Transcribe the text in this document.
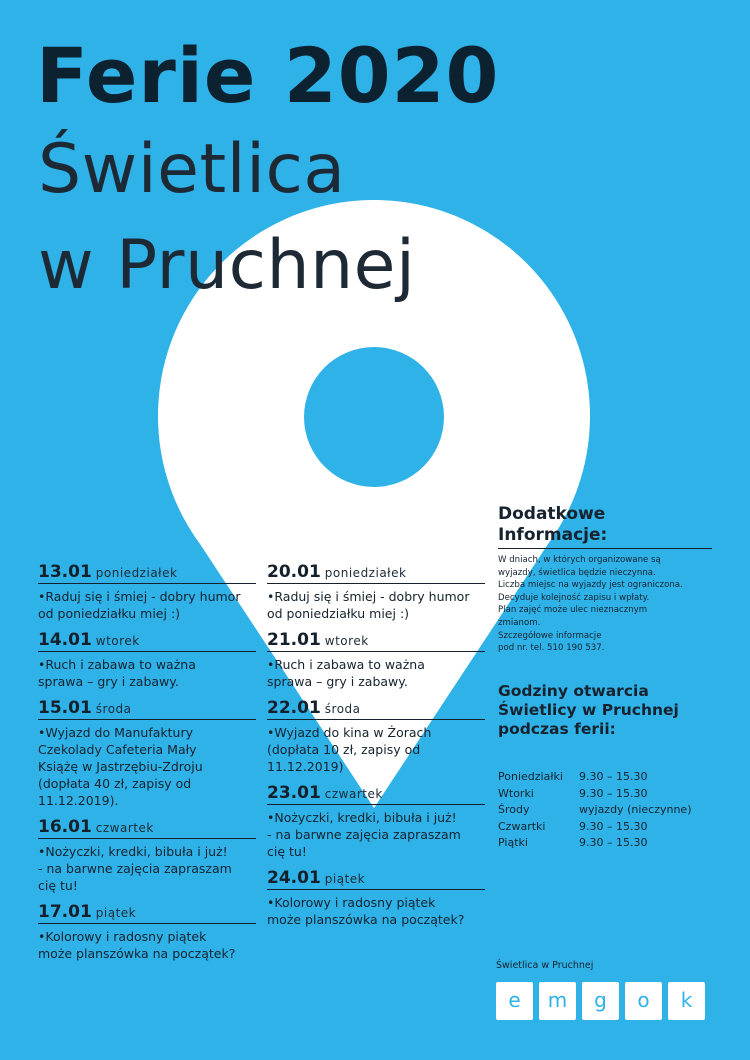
Ferie 2020
Świetlica
w Pruchnej
13.01 poniedziałek

•Raduj się i śmiej - dobry humor

od poniedziałku miej :)

14.01 wtorek

•Ruch i zabawa to ważna

sprawa – gry i zabawy.

15.01 środa

•Wyjazd do Manufaktury

Czekolady Cafeteria Mały

Książę w Jastrzębiu-Zdroju

(dopłata 40 zł, zapisy od

11.12.2019).

16.01 czwartek

•Nożyczki, kredki, bibuła i już!

- na barwne zajęcia zapraszam

cię tu!

17.01 piątek

•Kolorowy i radosny piątek

może planszówka na początek?

20.01 poniedziałek

•Raduj się i śmiej - dobry humor

od poniedziałku miej :)

21.01 wtorek

•Ruch i zabawa to ważna

sprawa – gry i zabawy.

22.01 środa

•Wyjazd do kina w Żorach

(dopłata 10 zł, zapisy od

11.12.2019)

23.01 czwartek

•Nożyczki, kredki, bibuła i już!

- na barwne zajęcia zapraszam

cię tu!

24.01 piątek

•Kolorowy i radosny piątek

może planszówka na początek?

Dodatkowe
Informacje:

W dniach, w których organizowane są

wyjazdy, świetlica będzie nieczynna.

Liczba miejsc na wyjazdy jest ograniczona.

Decyduje kolejność zapisu i wpłaty.

Plan zajęć może ulec nieznacznym

zmianom.

Szczegółowe informacje

pod nr. tel. 510 190 537.

Godziny otwarcia
Świetlicy w Pruchnej
podczas ferii:

Poniedziałki	9.30 – 15.30
Wtorki	9.30 – 15.30
Środy	wyjazdy (nieczynne)
Czwartki	9.30 – 15.30
Piątki	9.30 – 15.30
Świetlica w Pruchnej
e	m	g	o	k
